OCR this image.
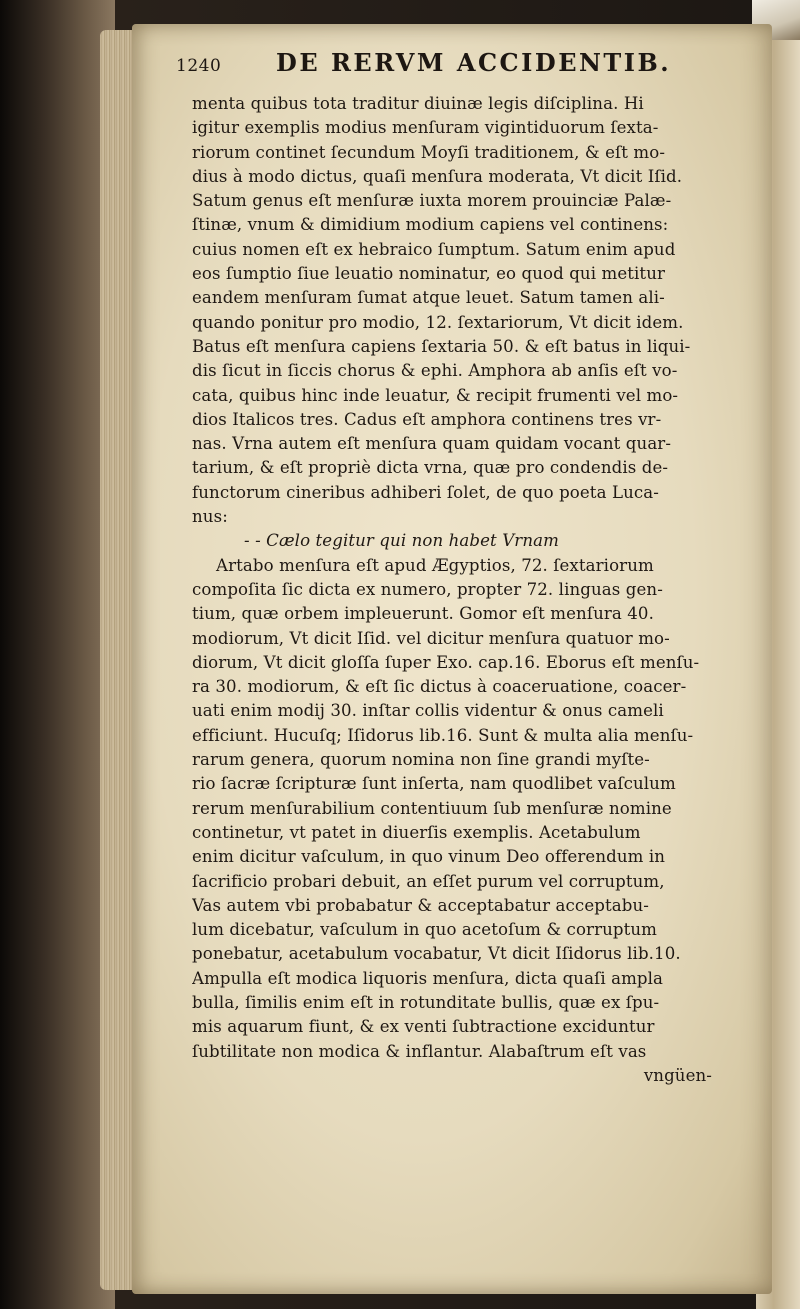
1240	DE RERVM ACCIDENTIB.
menta quibus tota traditur diuinæ legis diſciplina. Hi
igitur exemplis modius menſuram vigintiduorum ſexta-
riorum continet ſecundum Moyſi traditionem, & eſt mo-
dius à modo dictus, quaſi menſura moderata, Vt dicit Iſid.
Satum genus eſt menſuræ iuxta morem prouinciæ Palæ-
ſtinæ, vnum & dimidium modium capiens vel continens:
cuius nomen eſt ex hebraico ſumptum. Satum enim apud
eos ſumptio ſiue leuatio nominatur, eo quod qui metitur
eandem menſuram ſumat atque leuet. Satum tamen ali-
quando ponitur pro modio, 12. ſextariorum, Vt dicit idem.
Batus eſt menſura capiens ſextaria 50. & eſt batus in liqui-
dis ſicut in ſiccis chorus & ephi. Amphora ab anſis eſt vo-
cata, quibus hinc inde leuatur, & recipit frumenti vel mo-
dios Italicos tres. Cadus eſt amphora continens tres vr-
nas. Vrna autem eſt menſura quam quidam vocant quar-
tarium, & eſt propriè dicta vrna, quæ pro condendis de-
functorum cineribus adhiberi ſolet, de quo poeta Luca-
nus:
- - Cælo tegitur qui non habet Vrnam
Artabo menſura eſt apud Ægyptios, 72. ſextariorum
compoſita ſic dicta ex numero, propter 72. linguas gen-
tium, quæ orbem impleuerunt. Gomor eſt menſura 40.
modiorum, Vt dicit Iſid. vel dicitur menſura quatuor mo-
diorum, Vt dicit gloſſa ſuper Exo. cap.16. Eborus eſt menſu-
ra 30. modiorum, & eſt ſic dictus à coaceruatione, coacer-
uati enim modij 30. inſtar collis videntur & onus cameli
efficiunt. Hucuſq; Iſidorus lib.16. Sunt & multa alia menſu-
rarum genera, quorum nomina non ſine grandi myſte-
rio ſacræ ſcripturæ ſunt inſerta, nam quodlibet vaſculum
rerum menſurabilium contentiuum ſub menſuræ nomine
continetur, vt patet in diuerſis exemplis. Acetabulum
enim dicitur vaſculum, in quo vinum Deo offerendum in
ſacrificio probari debuit, an eſſet purum vel corruptum,
Vas autem vbi probabatur & acceptabatur acceptabu-
lum dicebatur, vaſculum in quo acetoſum & corruptum
ponebatur, acetabulum vocabatur, Vt dicit Iſidorus lib.10.
Ampulla eſt modica liquoris menſura, dicta quaſi ampla
bulla, ſimilis enim eſt in rotunditate bullis, quæ ex ſpu-
mis aquarum fiunt, & ex venti ſubtractione exciduntur
ſubtilitate non modica & inflantur. Alabaſtrum eſt vas
vngüen-
